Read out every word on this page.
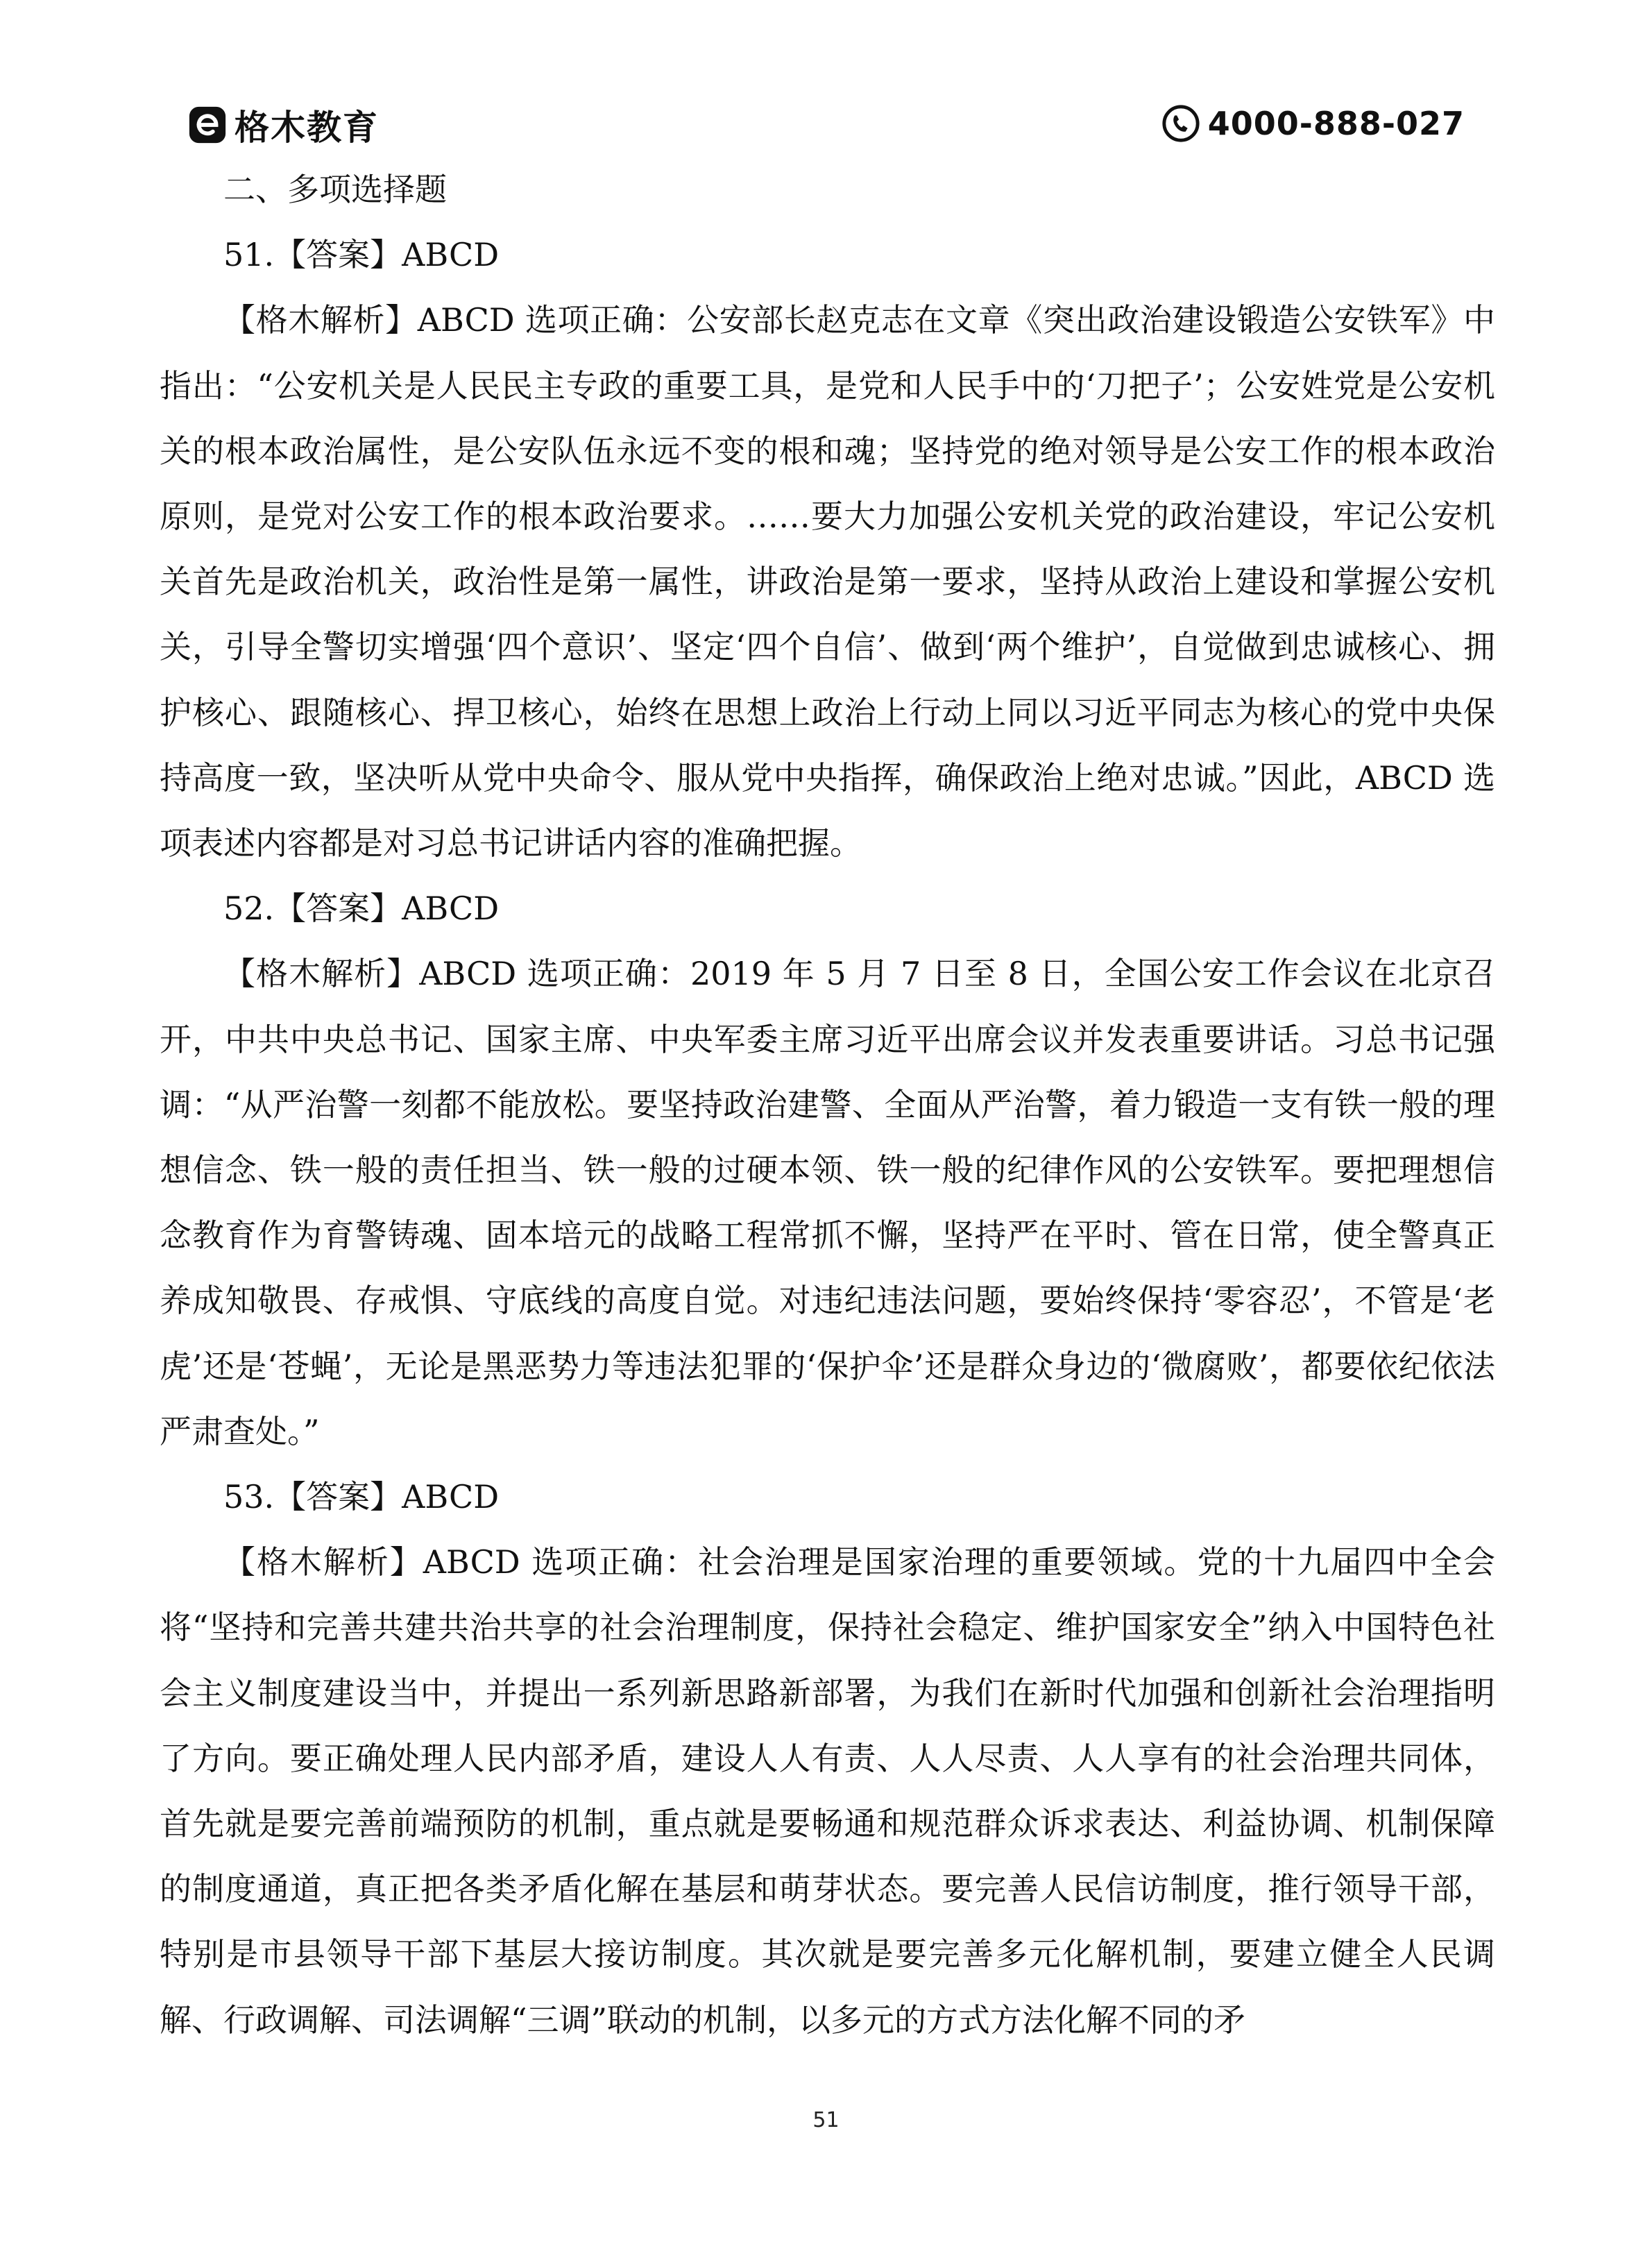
格木教育	4000-888-027

二、多项选择题

51.【答案】ABCD

【格木解析】ABCD 选项正确：公安部长赵克志在文章《突出政治建设锻造公安铁军》中指出：“公安机关是人民民主专政的重要工具，是党和人民手中的‘刀把子’；公安姓党是公安机关的根本政治属性，是公安队伍永远不变的根和魂；坚持党的绝对领导是公安工作的根本政治原则，是党对公安工作的根本政治要求。……要大力加强公安机关党的政治建设，牢记公安机关首先是政治机关，政治性是第一属性，讲政治是第一要求，坚持从政治上建设和掌握公安机关，引导全警切实增强‘四个意识’、坚定‘四个自信’、做到‘两个维护’，自觉做到忠诚核心、拥护核心、跟随核心、捍卫核心，始终在思想上政治上行动上同以习近平同志为核心的党中央保持高度一致，坚决听从党中央命令、服从党中央指挥，确保政治上绝对忠诚。”因此，ABCD 选项表述内容都是对习总书记讲话内容的准确把握。

52.【答案】ABCD

【格木解析】ABCD 选项正确：2019 年 5 月 7 日至 8 日，全国公安工作会议在北京召开，中共中央总书记、国家主席、中央军委主席习近平出席会议并发表重要讲话。习总书记强调：“从严治警一刻都不能放松。要坚持政治建警、全面从严治警，着力锻造一支有铁一般的理想信念、铁一般的责任担当、铁一般的过硬本领、铁一般的纪律作风的公安铁军。要把理想信念教育作为育警铸魂、固本培元的战略工程常抓不懈，坚持严在平时、管在日常，使全警真正养成知敬畏、存戒惧、守底线的高度自觉。对违纪违法问题，要始终保持‘零容忍’，不管是‘老虎’还是‘苍蝇’，无论是黑恶势力等违法犯罪的‘保护伞’还是群众身边的‘微腐败’，都要依纪依法严肃查处。”

53.【答案】ABCD

【格木解析】ABCD 选项正确：社会治理是国家治理的重要领域。党的十九届四中全会将“坚持和完善共建共治共享的社会治理制度，保持社会稳定、维护国家安全”纳入中国特色社会主义制度建设当中，并提出一系列新思路新部署，为我们在新时代加强和创新社会治理指明了方向。要正确处理人民内部矛盾，建设人人有责、人人尽责、人人享有的社会治理共同体，首先就是要完善前端预防的机制，重点就是要畅通和规范群众诉求表达、利益协调、机制保障的制度通道，真正把各类矛盾化解在基层和萌芽状态。要完善人民信访制度，推行领导干部，特别是市县领导干部下基层大接访制度。其次就是要完善多元化解机制，要建立健全人民调解、行政调解、司法调解“三调”联动的机制，以多元的方式方法化解不同的矛

51
